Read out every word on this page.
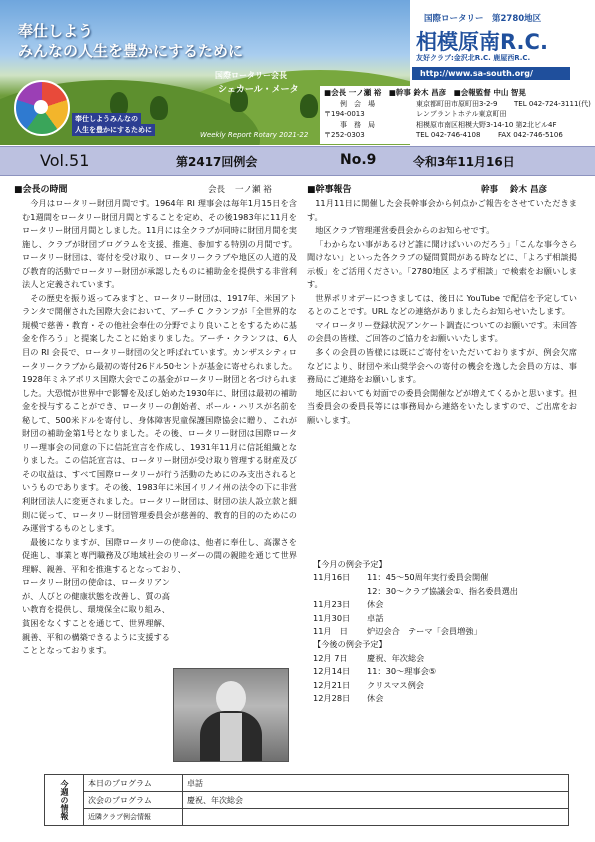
奉仕しよう
みんなの人生を豊かにするために
国際ロータリー会長
シェカール・メータ
奉仕しようみんなの
人生を豊かにするために
Weekly Report Rotary 2021-22
国際ロータリー　第2780地区
相模原南R.C.
友好クラブ:金沢北R.C. 鹿屋西R.C.
http://www.sa-south.org/
■会長 一ノ瀬 裕　■幹事 鈴木 昌彦　■会報監督 中山 智晃
例　会　場	東京都町田市原町田3-2-9 TEL 042-724-3111(代)
〒194-0013	レンブラントホテル東京町田
事　務　局	相模原市南区相模大野3-14-10 第2北ビル4F
〒252-0303	TEL 042-746-4108	FAX 042-746-5106
Vol.51	第2417回例会	No.9	令和3年11月16日
■会長の時間	会長 一ノ瀬 裕

今月はロータリー財団月間です。1964年 RI 理事会は毎年1月15日を含む1週間をロータリー財団月間とすることを定め、その後1983年に11月をロータリー財団月間としました。11月には全クラブが同時に財団月間を実施し、クラブが財団プログラムを支援、推進、参加する特別の月間です。ロータリー財団は、寄付を受け取り、ロータリークラブや地区の人道的及び教育的活動でロータリー財団が承認したものに補助金を提供する非営利法人と定義されています。

その歴史を振り返ってみますと、ロータリー財団は、1917年、米国アトランタで開催された国際大会において、アーチ C クランフが「全世界的な規模で慈善・教育・その他社会奉仕の分野でより良いことをするために基金を作ろう」と提案したことに始まりました。アーチ・クランフは、6人目の RI 会長で、ロータリー財団の父と呼ばれています。カンザスシティロータリークラブから最初の寄付26ドル50セントが基金に寄せられました。1928年ミネアポリス国際大会でこの基金がロータリー財団と名づけられました。大恐慌が世界中で影響を及ぼし始めた1930年に、財団は最初の補助金を授与することができ、ロータリーの創始者、ポール・ハリスが名前を秘して、500米ドルを寄付し、身体障害児童保護国際協会に贈り、これが財団の補助金第1号となりました。その後、ロータリー財団は国際ロータリー理事会の同意の下に信託宣言を作成し、1931年11月に信託組織となりました。この信託宣言は、ロータリー財団が受け取り管理する財産及びその収益は、すべて国際ロータリーが行う活動のためにのみ支出されるというものであります。その後、1983年に米国イリノイ州の法令の下に非営利財団法人に変更されました。ロータリー財団は、財団の法人設立款と細則に従って、ロータリー財団管理委員会が慈善的、教育的目的のためにのみ運営するものとします。

最後になりますが、国際ロータリーの使命は、他者に奉仕し、高潔さを促進し、事業と専門職務及び地域社会のリーダーの間の親睦を通じて世界理解、親善、平和を推進するとなっており、

ロータリー財団の使命は、ロータリアンが、人びとの健康状態を改善し、質の高い教育を提供し、環境保全に取り組み、貧困をなくすことを通じて、世界理解、親善、平和の構築できるように支援することとなっております。
■幹事報告	幹事 鈴木 昌彦

11月11日に開催した会長幹事会から何点かご報告をさせていただきます。

地区クラブ管理運営委員会からのお知らせです。

「わからない事があるけど誰に聞けばいいのだろう」「こんな事今さら聞けない」といった各クラブの疑問質問がある時などに、「よろず相談掲示板」をご活用ください。「2780地区 よろず相談」で検索をお願いします。

世界ポリオデーにつきましては、後日に YouTube で配信を予定しているとのことです。URL などの連絡がありましたらお知らせいたします。

マイロータリー登録状況アンケート調査についてのお願いです。未回答の会員の皆様、ご回答のご協力をお願いいたします。

多くの会員の皆様には既にご寄付をいただいておりますが、例会欠席などにより、財団や米山奨学会への寄付の機会を逸した会員の方は、事務局にご連絡をお願いします。

地区においても対面での委員会開催などが増えてくるかと思います。担当委員会の委員長等には事務局から連絡をいたしますので、ご出席をお願いします。

【今月の例会予定】
11月16日 11：45～50周年実行委員会開催
12：30～クラブ協議会①、指名委員選出
11月23日 休会
11月30日 卓話
11月　日 炉辺会合　テーマ「会員増強」
【今後の例会予定】
12月 7日 慶祝、年次総会
12月14日 11：30～理事会⑤
12月21日 クリスマス例会
12月28日 休会
今週の情報	本日のプログラム	卓話
	次会のプログラム	慶祝、年次総会
	近隣クラブ例会情報	
